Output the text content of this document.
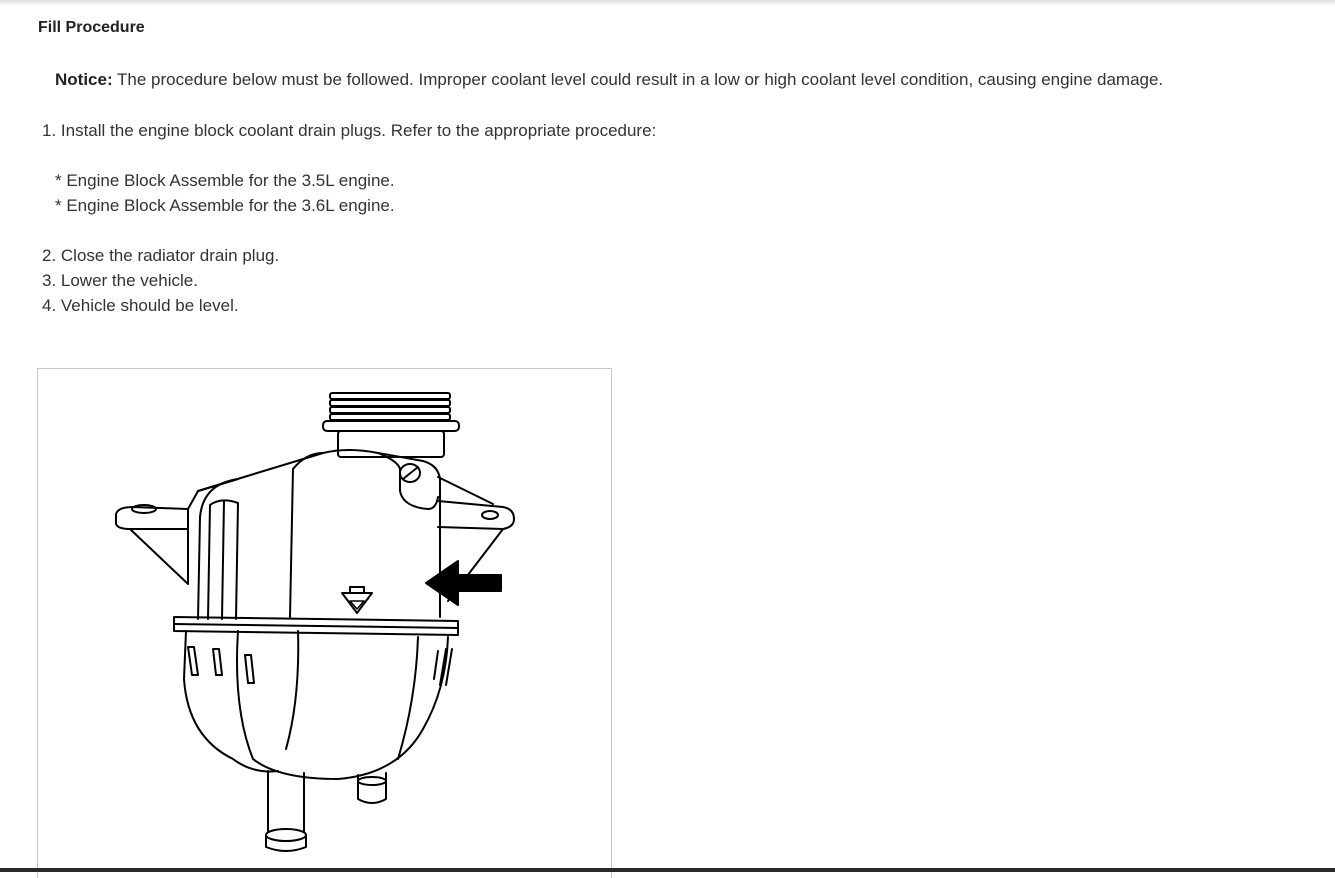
Fill Procedure
Notice: The procedure below must be followed. Improper coolant level could result in a low or high coolant level condition, causing engine damage.
1. Install the engine block coolant drain plugs. Refer to the appropriate procedure:
* Engine Block Assemble for the 3.5L engine.
* Engine Block Assemble for the 3.6L engine.
2. Close the radiator drain plug.
3. Lower the vehicle.
4. Vehicle should be level.
